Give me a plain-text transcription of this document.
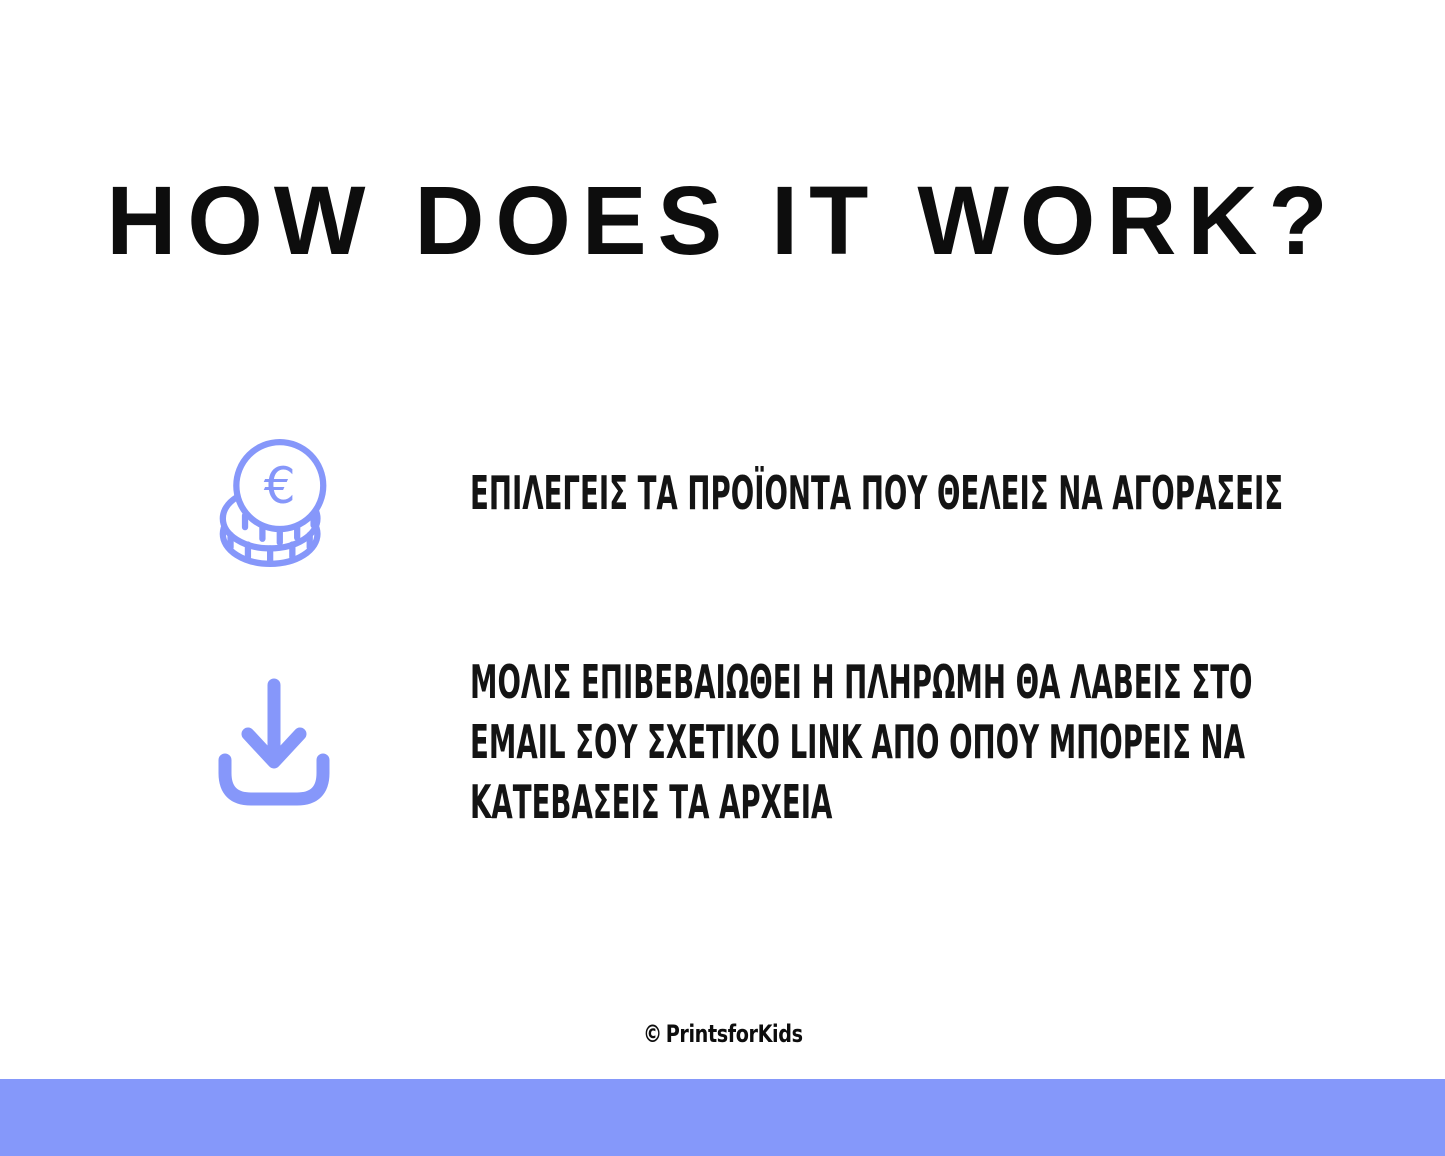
HOW DOES IT WORK?
€	ΕΠΙΛΕΓΕΙΣ ΤΑ ΠΡΟΪΟΝΤΑ ΠΟΥ ΘΕΛΕΙΣ ΝΑ ΑΓΟΡΑΣΕΙΣ
ΜΟΛΙΣ ΕΠΙΒΕΒΑΙΩΘΕΙ Η ΠΛΗΡΩΜΗ ΘΑ ΛΑΒΕΙΣ ΣΤΟ
EMAIL ΣΟΥ ΣΧΕΤΙΚΟ LINK ΑΠΟ ΟΠΟΥ ΜΠΟΡΕΙΣ ΝΑ
ΚΑΤΕΒΑΣΕΙΣ ΤΑ ΑΡΧΕΙΑ
© PrintsforKids
